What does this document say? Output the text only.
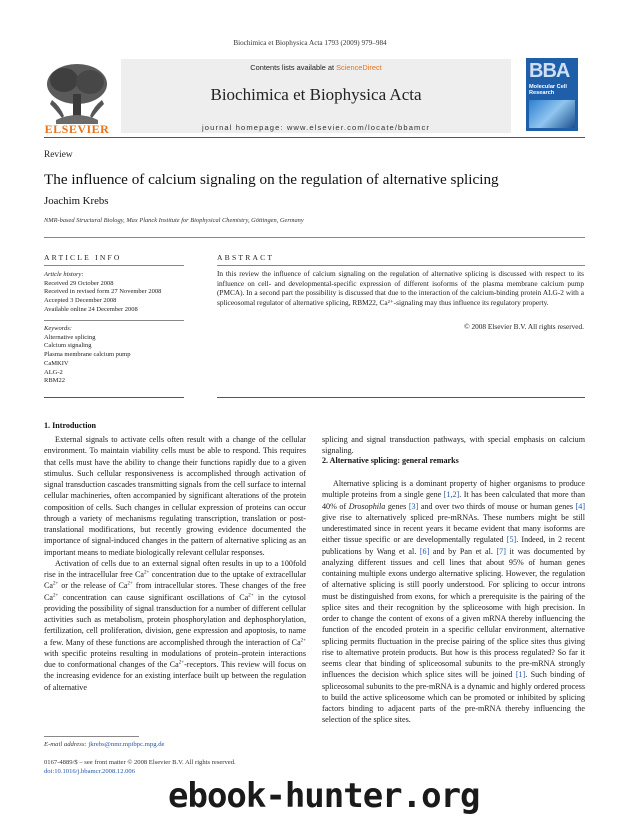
Biochimica et Biophysica Acta 1793 (2009) 979–984
Contents lists available at ScienceDirect
Biochimica et Biophysica Acta
journal homepage: www.elsevier.com/locate/bbamcr
ELSEVIER
BBA
Molecular Cell Research
Review
The influence of calcium signaling on the regulation of alternative splicing
Joachim Krebs
NMR-based Structural Biology, Max Planck Institute for Biophysical Chemistry, Göttingen, Germany
ARTICLE INFO	ABSTRACT
Article history:
Received 29 October 2008
Received in revised form 27 November 2008
Accepted 3 December 2008
Available online 24 December 2008
Keywords:
Alternative splicing
Calcium signaling
Plasma membrane calcium pump
CaMKIV
ALG-2
RBM22
In this review the influence of calcium signaling on the regulation of alternative splicing is discussed with respect to its influence on cell- and developmental-specific expression of different isoforms of the plasma membrane calcium pump (PMCA). In a second part the possibility is discussed that due to the interaction of the calcium-binding protein ALG-2 with a spliceosomal regulator of alternative splicing, RBM22, Ca²⁺-signaling may thus influence its regulatory property.
© 2008 Elsevier B.V. All rights reserved.
1. Introduction

External signals to activate cells often result with a change of the cellular environment. To maintain viability cells must be able to respond. This requires that cells must have the ability to change their functions rapidly due to a given stimulus. Such cellular responsiveness is accomplished through activation of signal transduction cascades transmitting signals from the cell surface to internal cellular machineries, often accompanied by significant alterations of the protein composition of cells. Such changes in cellular expression of proteins can occur through a variety of mechanisms regulating transcription, translation or post-translational modifications, but recently growing evidence documented the importance of signal-induced changes in the pattern of alternative splicing as an important means to mediate biologically relevant cellular responses.

Activation of cells due to an external signal often results in up to a 100fold rise in the intracellular free $Ca^{2+}$ concentration due to the uptake of extracellular $Ca^{2+}$ or the release of $Ca^{2+}$ from intracellular stores. These changes of the free $Ca^{2+}$ concentration can cause significant oscillations of $Ca^{2+}$ in the cytosol providing the possibility of signal transduction for a number of different cellular activities such as metabolism, protein phosphorylation and dephosphorylation, fertilization, cell proliferation, division, gene expression and apoptosis, to name a few. Many of these functions are accomplished through the interaction of $Ca^{2+}$ with specific proteins resulting in modulations of protein–protein interactions due to conformational changes of the $Ca^{2+}$-receptors. This review will focus on the increasing evidence for an existing interface built up between the regulation of alternative

splicing and signal transduction pathways, with special emphasis on calcium signaling.

2. Alternative splicing: general remarks

Alternative splicing is a dominant property of higher organisms to produce multiple proteins from a single gene [1,2]. It has been calculated that more than 40% of Drosophila genes [3] and over two thirds of mouse or human genes [4] give rise to alternatively spliced pre-mRNAs. These numbers might be still underestimated since in recent years it became evident that many isoforms are either tissue specific or are developmentally regulated [5]. Indeed, in 2 recent publications by Wang et al. [6] and by Pan et al. [7] it was documented by analyzing different tissues and cell lines that about 95% of human genes containing multiple exons undergo alternative splicing. However, the regulation of alternative splicing is still poorly understood. For splicing to occur introns must be distinguished from exons, for which a prerequisite is the pairing of the splice sites and their recognition by the spliceosome with high precision. In order to change the content of exons of a given mRNA thereby influencing the function of the encoded protein in a specific cellular environment, alternative splicing permits fluctuation in the precise pairing of the splice sites thus giving rise to alternative protein products. But how is this process regulated? So far it seems clear that binding of spliceosomal subunits to the pre-mRNA strongly influences the decision which splice sites will be joined [1]. Such binding of spliceosomal subunits to the pre-mRNA is a dynamic and highly ordered process to build the active spliceosome which can be promoted or inhibited by splicing factors binding to adjacent parts of the pre-mRNA thereby influencing the selection of the splice sites.

E-mail address: jkrebs@nmr.mpibpc.mpg.de
0167-4889/$ – see front matter © 2008 Elsevier B.V. All rights reserved.
doi:10.1016/j.bbamcr.2008.12.006
ebook-hunter.org
